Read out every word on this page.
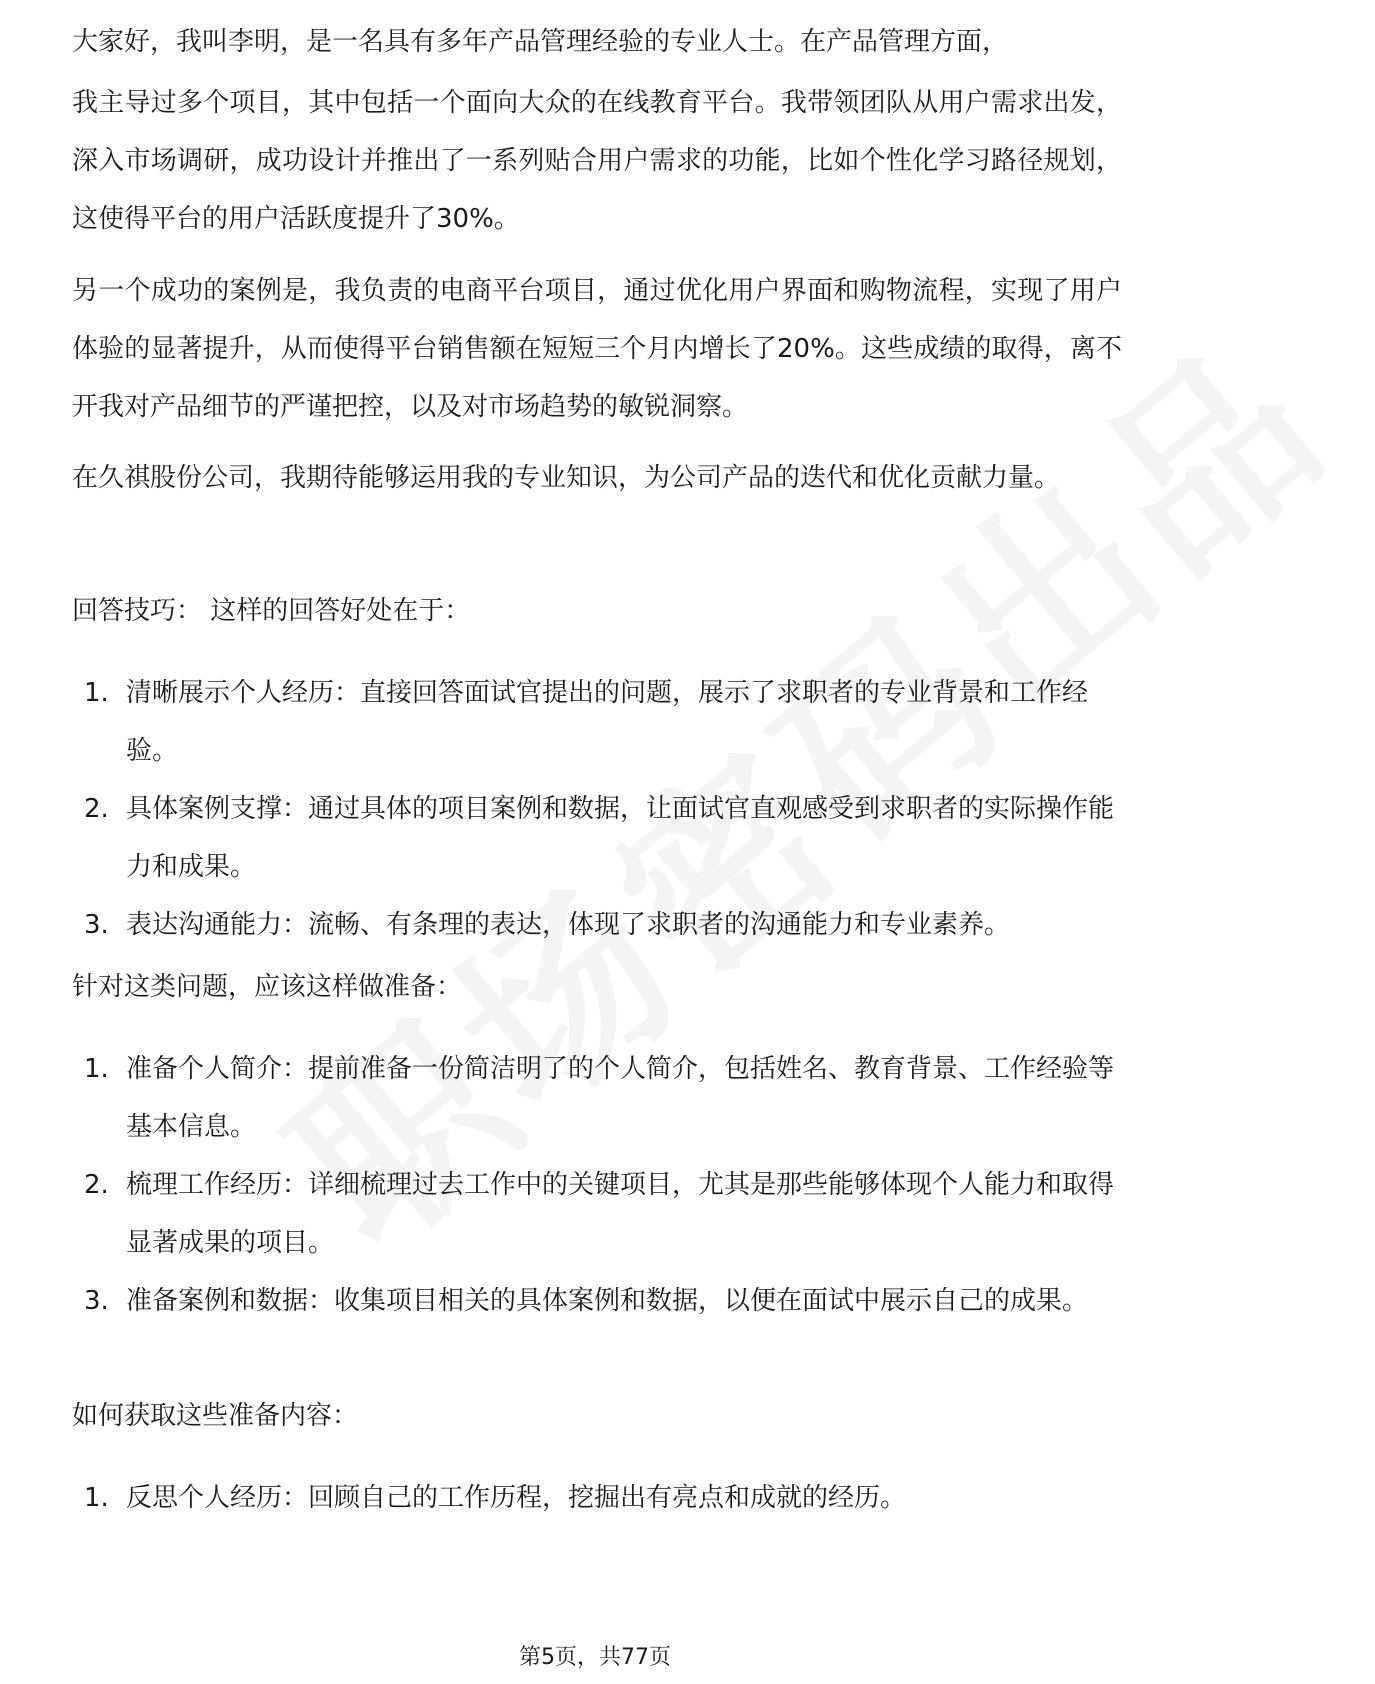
大家好，我叫李明，是一名具有多年产品管理经验的专业人士。在产品管理方面，

我主导过多个项目，其中包括一个面向大众的在线教育平台。我带领团队从用户需求出发，深入市场调研，成功设计并推出了一系列贴合用户需求的功能，比如个性化学习路径规划，这使得平台的用户活跃度提升了30%。

另一个成功的案例是，我负责的电商平台项目，通过优化用户界面和购物流程，实现了用户体验的显著提升，从而使得平台销售额在短短三个月内增长了20%。这些成绩的取得，离不开我对产品细节的严谨把控，以及对市场趋势的敏锐洞察。

在久祺股份公司，我期待能够运用我的专业知识，为公司产品的迭代和优化贡献力量。

回答技巧： 这样的回答好处在于：

1. 清晰展示个人经历：直接回答面试官提出的问题，展示了求职者的专业背景和工作经验。
2. 具体案例支撑：通过具体的项目案例和数据，让面试官直观感受到求职者的实际操作能力和成果。
3. 表达沟通能力：流畅、有条理的表达，体现了求职者的沟通能力和专业素养。

针对这类问题，应该这样做准备：

1. 准备个人简介：提前准备一份简洁明了的个人简介，包括姓名、教育背景、工作经验等基本信息。
2. 梳理工作经历：详细梳理过去工作中的关键项目，尤其是那些能够体现个人能力和取得显著成果的项目。
3. 准备案例和数据：收集项目相关的具体案例和数据，以便在面试中展示自己的成果。

如何获取这些准备内容：

1. 反思个人经历：回顾自己的工作历程，挖掘出有亮点和成就的经历。
第5页，共77页
